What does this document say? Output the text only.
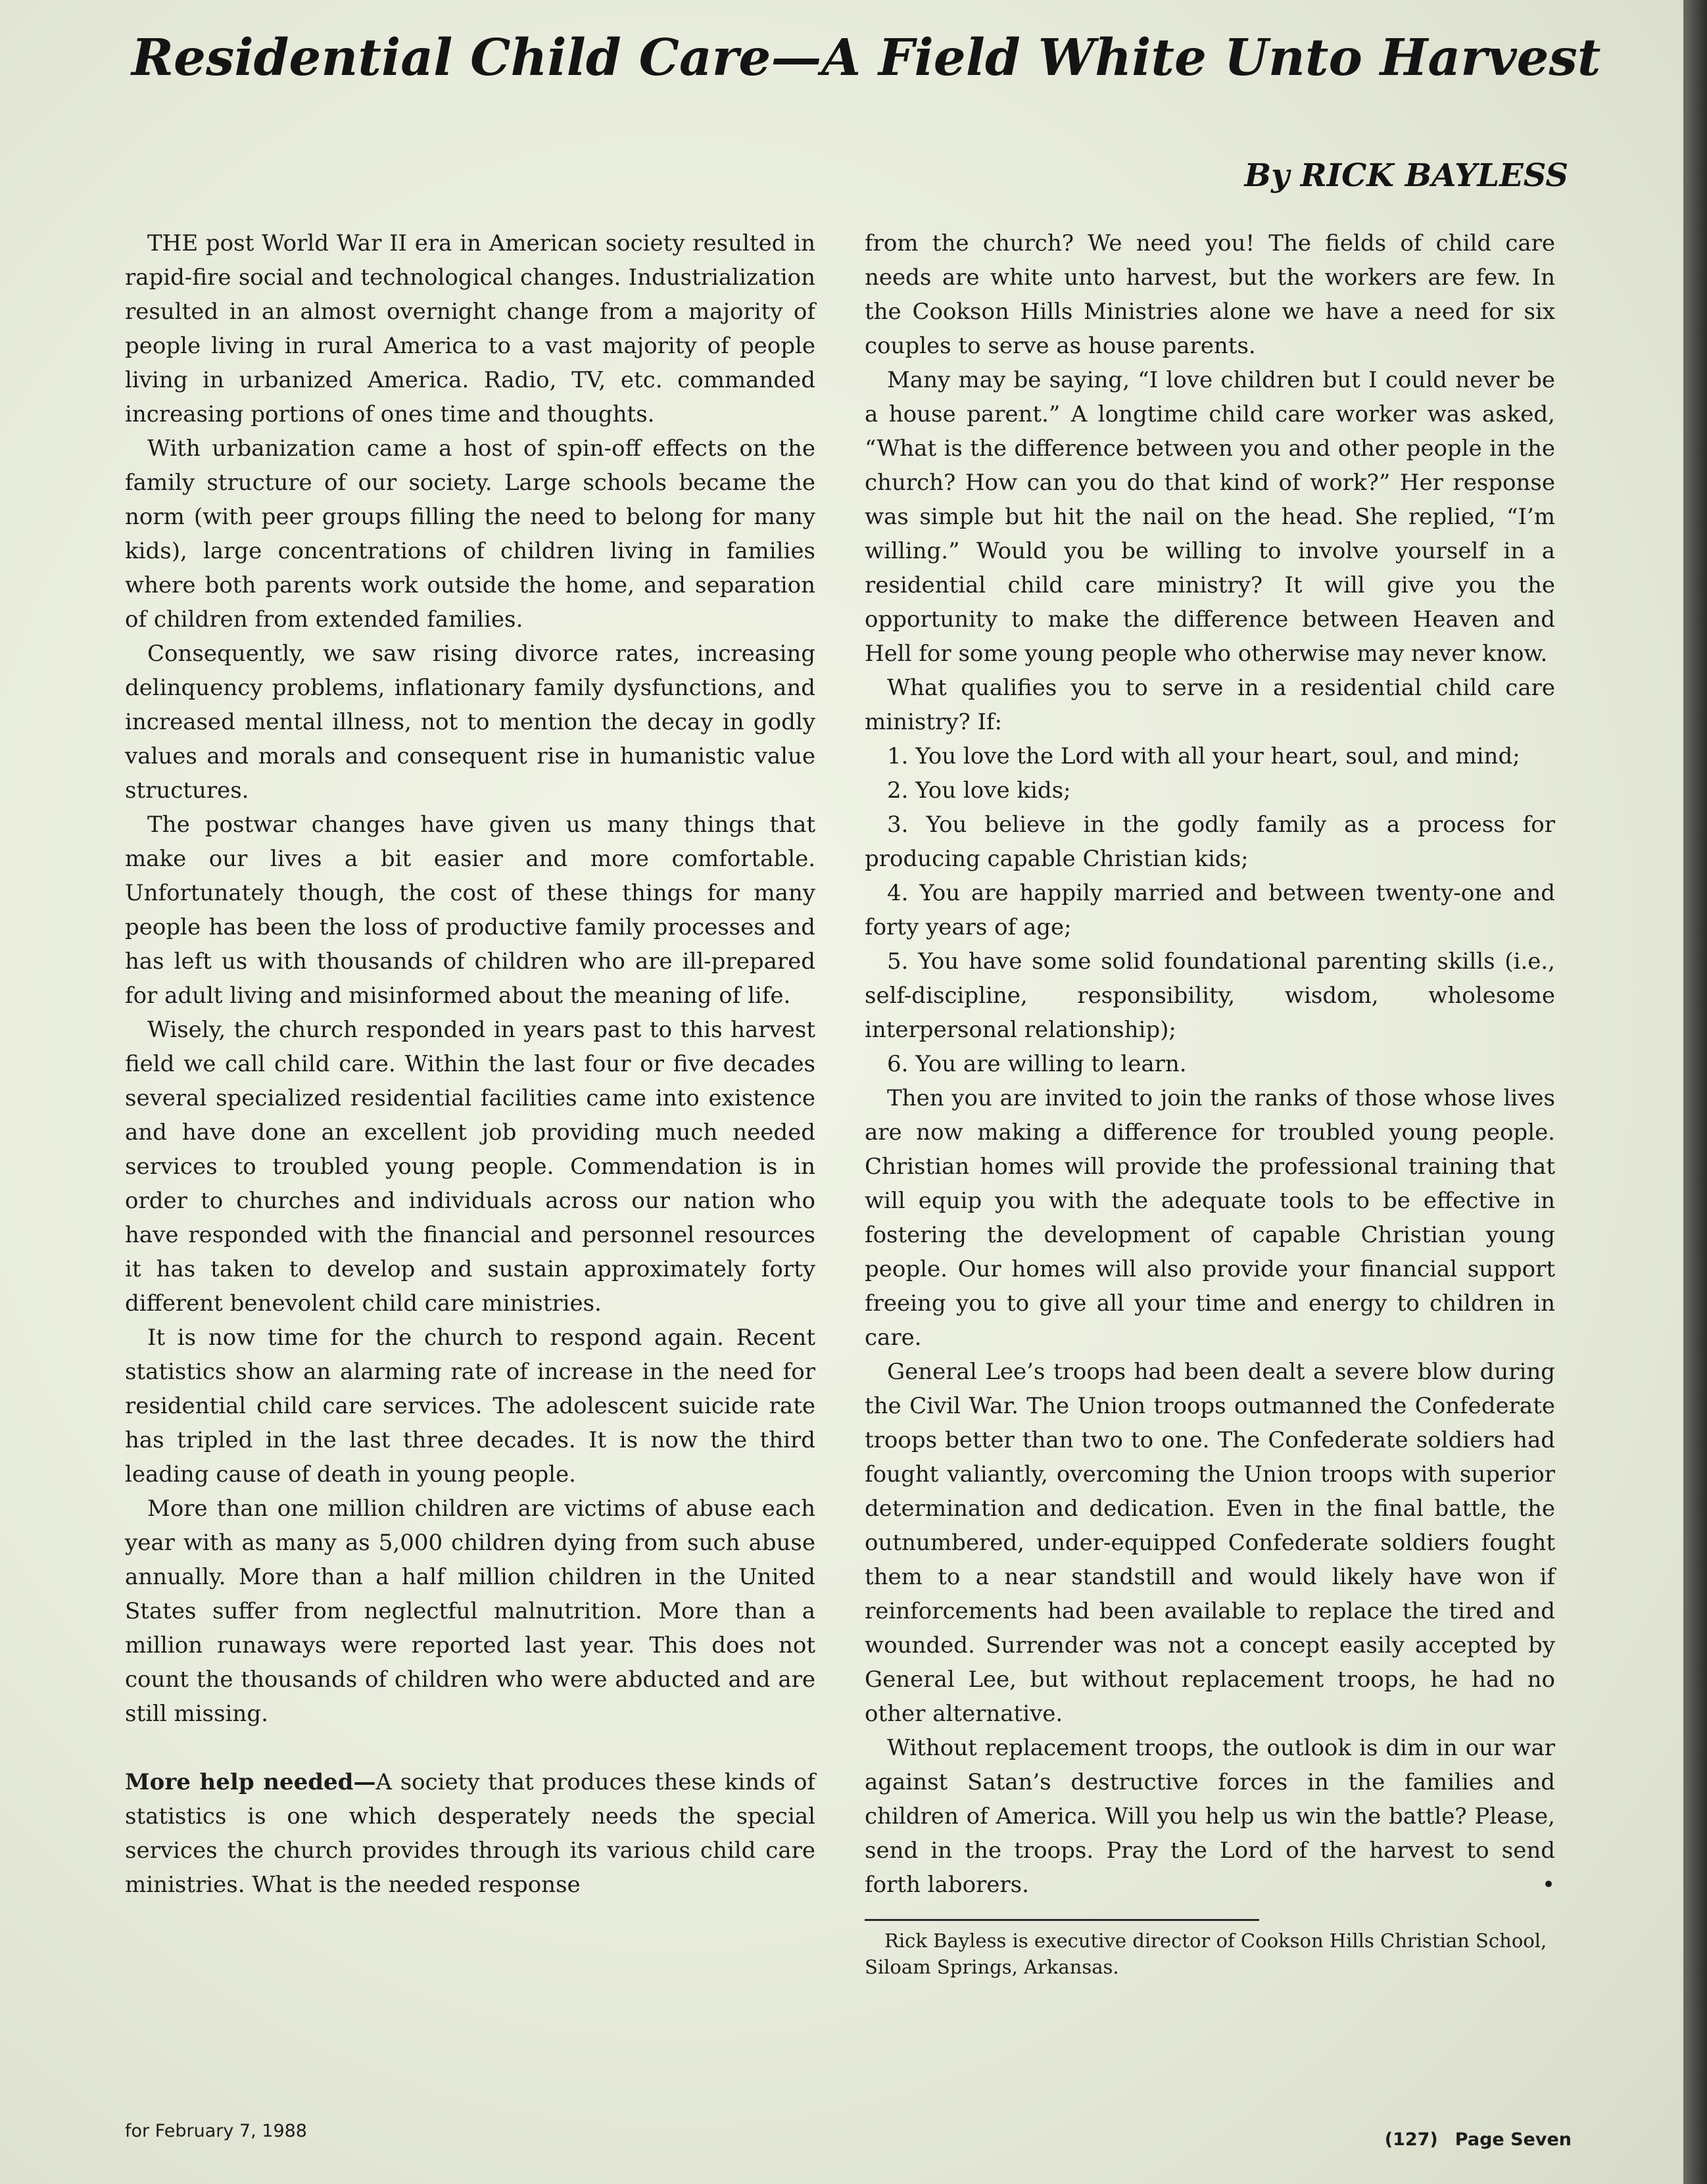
Residential Child Care—A Field White Unto Harvest

By RICK BAYLESS

THE post World War II era in American society resulted in rapid-fire social and technological changes. Industrialization resulted in an almost overnight change from a majority of people living in rural America to a vast majority of people living in urbanized America. Radio, TV, etc. commanded increasing portions of ones time and thoughts.

With urbanization came a host of spin-off effects on the family structure of our society. Large schools became the norm (with peer groups filling the need to belong for many kids), large concentrations of children living in families where both parents work outside the home, and separation of children from extended families.

Consequently, we saw rising divorce rates, increasing delinquency problems, inflationary family dysfunctions, and increased mental illness, not to mention the decay in godly values and morals and consequent rise in humanistic value structures.

The postwar changes have given us many things that make our lives a bit easier and more comfortable. Unfortunately though, the cost of these things for many people has been the loss of productive family processes and has left us with thousands of children who are ill-prepared for adult living and misinformed about the meaning of life.

Wisely, the church responded in years past to this harvest field we call child care. Within the last four or five decades several specialized residential facilities came into existence and have done an excellent job providing much needed services to troubled young people. Commendation is in order to churches and individuals across our nation who have responded with the financial and personnel resources it has taken to develop and sustain approximately forty different benevolent child care ministries.

It is now time for the church to respond again. Recent statistics show an alarming rate of increase in the need for residential child care services. The adolescent suicide rate has tripled in the last three decades. It is now the third leading cause of death in young people.

More than one million children are victims of abuse each year with as many as 5,000 children dying from such abuse annually. More than a half million children in the United States suffer from neglectful malnutrition. More than a million runaways were reported last year. This does not count the thousands of children who were abducted and are still missing.

More help needed—A society that produces these kinds of statistics is one which desperately needs the special services the church provides through its various child care ministries. What is the needed response

from the church? We need you! The fields of child care needs are white unto harvest, but the workers are few. In the Cookson Hills Ministries alone we have a need for six couples to serve as house parents.

Many may be saying, “I love children but I could never be a house parent.” A longtime child care worker was asked, “What is the difference between you and other people in the church? How can you do that kind of work?” Her response was simple but hit the nail on the head. She replied, “I’m willing.” Would you be willing to involve yourself in a residential child care ministry? It will give you the opportunity to make the difference between Heaven and Hell for some young people who otherwise may never know.

What qualifies you to serve in a residential child care ministry? If:

1. You love the Lord with all your heart, soul, and mind;

2. You love kids;

3. You believe in the godly family as a process for producing capable Christian kids;

4. You are happily married and between twenty-one and forty years of age;

5. You have some solid foundational parenting skills (i.e., self-discipline, responsibility, wisdom, wholesome interpersonal relationship);

6. You are willing to learn.

Then you are invited to join the ranks of those whose lives are now making a difference for troubled young people. Christian homes will provide the professional training that will equip you with the adequate tools to be effective in fostering the development of capable Christian young people. Our homes will also provide your financial support freeing you to give all your time and energy to children in care.

General Lee’s troops had been dealt a severe blow during the Civil War. The Union troops outmanned the Confederate troops better than two to one. The Confederate soldiers had fought valiantly, overcoming the Union troops with superior determination and dedication. Even in the final battle, the outnumbered, under-equipped Confederate soldiers fought them to a near standstill and would likely have won if reinforcements had been available to replace the tired and wounded. Surrender was not a concept easily accepted by General Lee, but without replacement troops, he had no other alternative.

Without replacement troops, the outlook is dim in our war against Satan’s destructive forces in the families and children of America. Will you help us win the battle? Please, send in the troops. Pray the Lord of the harvest to send forth laborers.	•

Rick Bayless is executive director of Cookson Hills Christian School, Siloam Springs, Arkansas.

for February 7, 1988	(127) Page Seven
